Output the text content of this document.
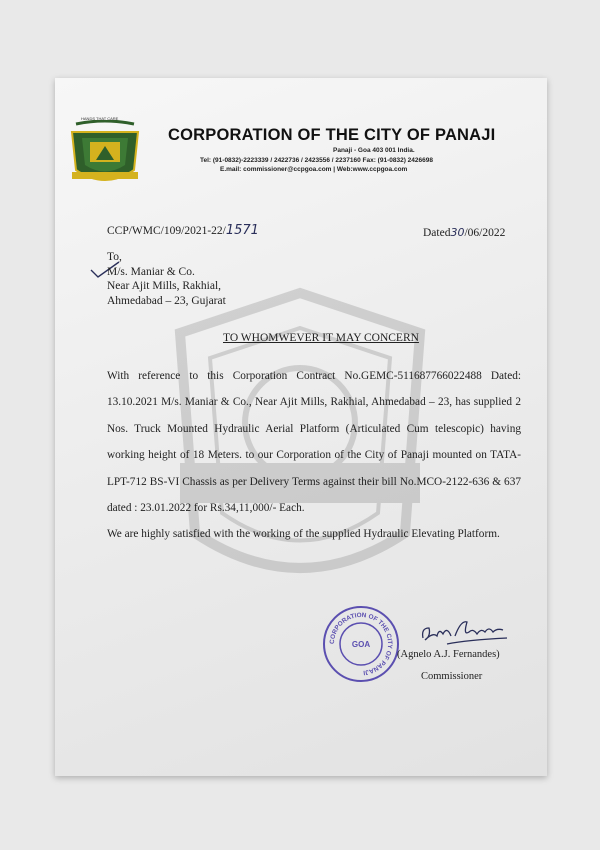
HANDS THAT CARE
CORPORATION OF THE CITY OF PANAJI
Panaji - Goa 403 001 India.
Tel: (91-0832)-2223339 / 2422736 / 2423556 / 2237160 Fax: (91-0832) 2426698
E.mail: commissioner@ccpgoa.com | Web:www.ccpgoa.com
CCP/WMC/109/2021-22/1571	Dated30/06/2022
To,
M/s. Maniar & Co.
Near Ajit Mills, Rakhial,
Ahmedabad – 23, Gujarat
TO WHOMWEVER IT MAY CONCERN

With reference to this Corporation Contract No.GEMC-511687766022488 Dated: 13.10.2021 M/s. Maniar & Co., Near Ajit Mills, Rakhial, Ahmedabad – 23, has supplied 2 Nos. Truck Mounted Hydraulic Aerial Platform (Articulated Cum telescopic) having working height of 18 Meters. to our Corporation of the City of Panaji mounted on TATA-LPT-712 BS-VI Chassis as per Delivery Terms against their bill No.MCO-2122-636 & 637 dated : 23.01.2022 for Rs.34,11,000/- Each.

We are highly satisfied with the working of the supplied Hydraulic Elevating Platform.

CORPORATION OF THE CITY OF PANAJI
GOA
(Agnelo A.J. Fernandes)
Commissioner
